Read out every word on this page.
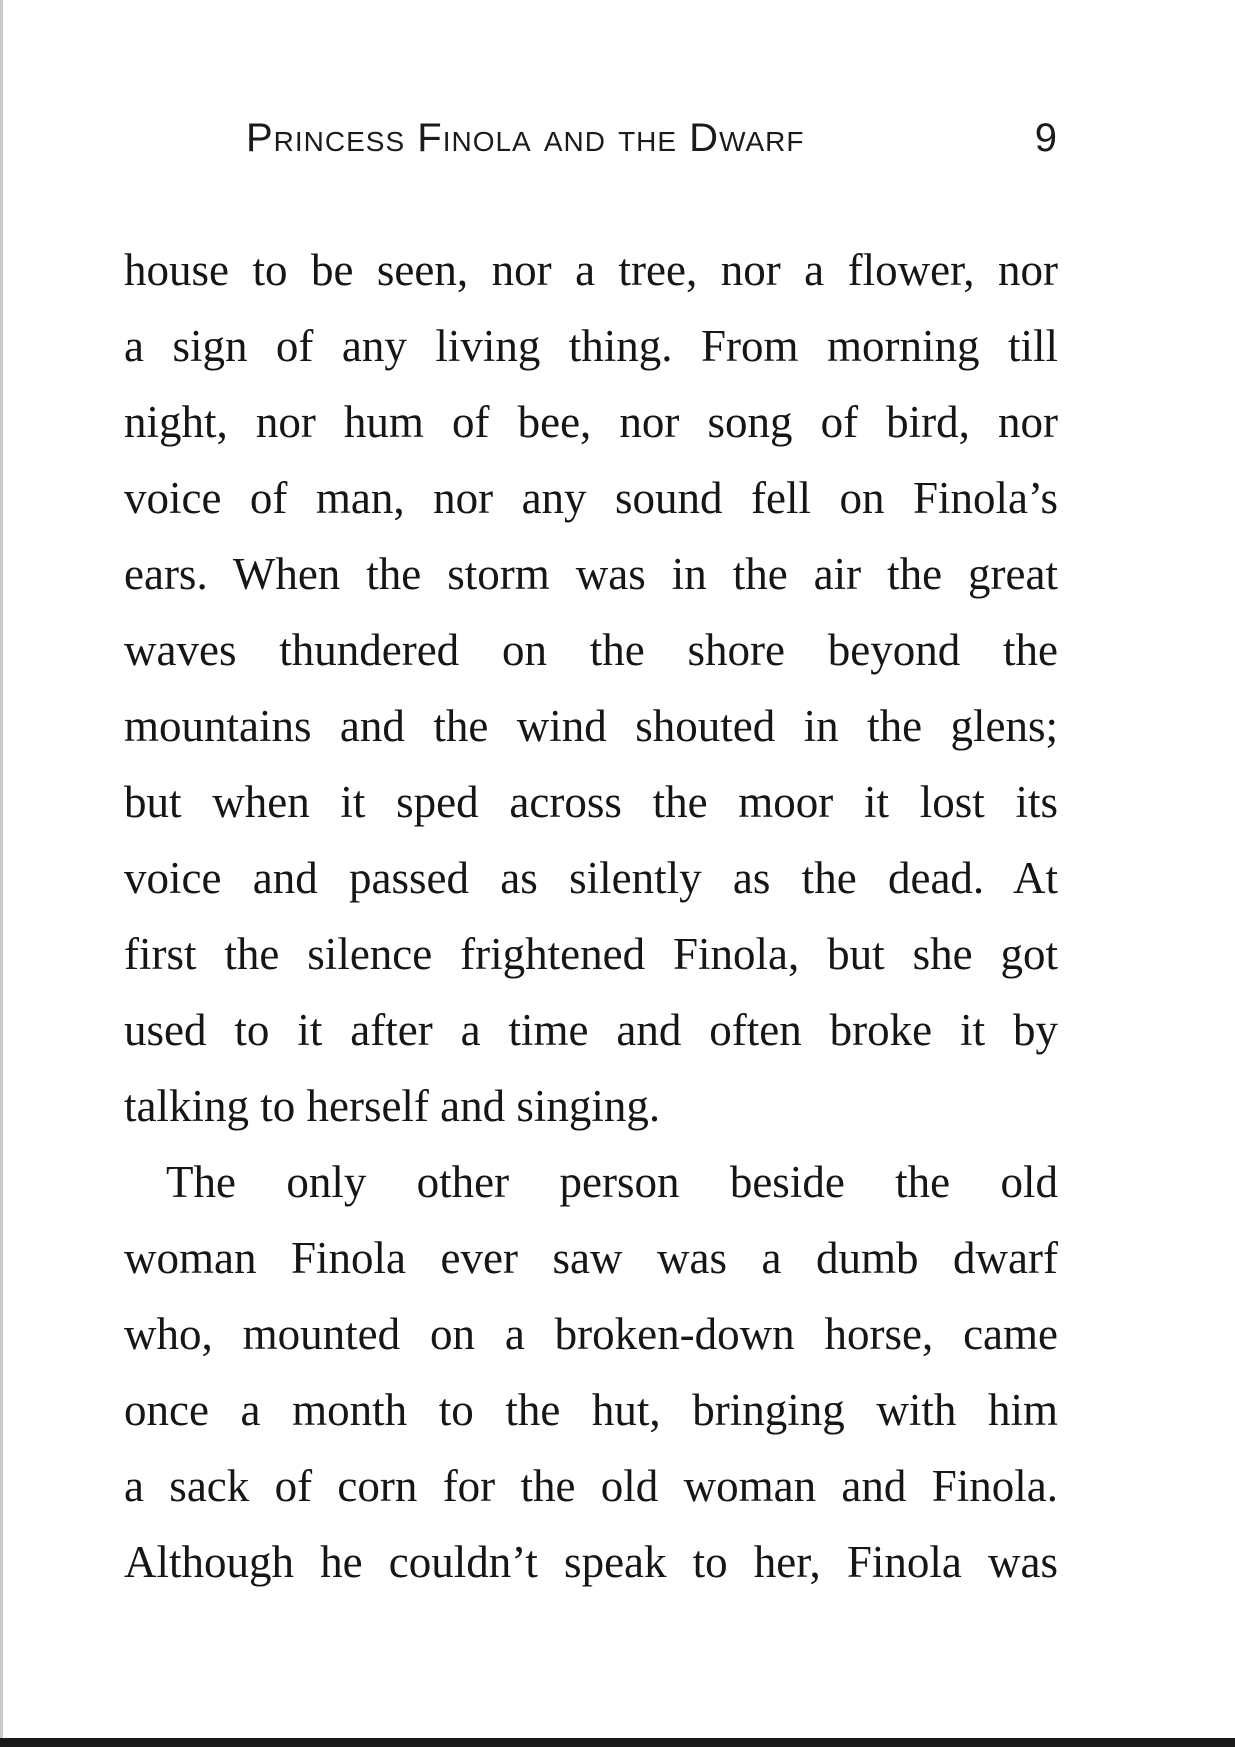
Princess Finola and the Dwarf	9
house to be seen, nor a tree, nor a flower, nor
a sign of any living thing. From morning till
night, nor hum of bee, nor song of bird, nor
voice of man, nor any sound fell on Finola’s
ears. When the storm was in the air the great
waves thundered on the shore beyond the
mountains and the wind shouted in the glens;
but when it sped across the moor it lost its
voice and passed as silently as the dead. At
first the silence frightened Finola, but she got
used to it after a time and often broke it by
talking to herself and singing.
The only other person beside the old
woman Finola ever saw was a dumb dwarf
who, mounted on a broken-down horse, came
once a month to the hut, bringing with him
a sack of corn for the old woman and Finola.
Although he couldn’t speak to her, Finola was
